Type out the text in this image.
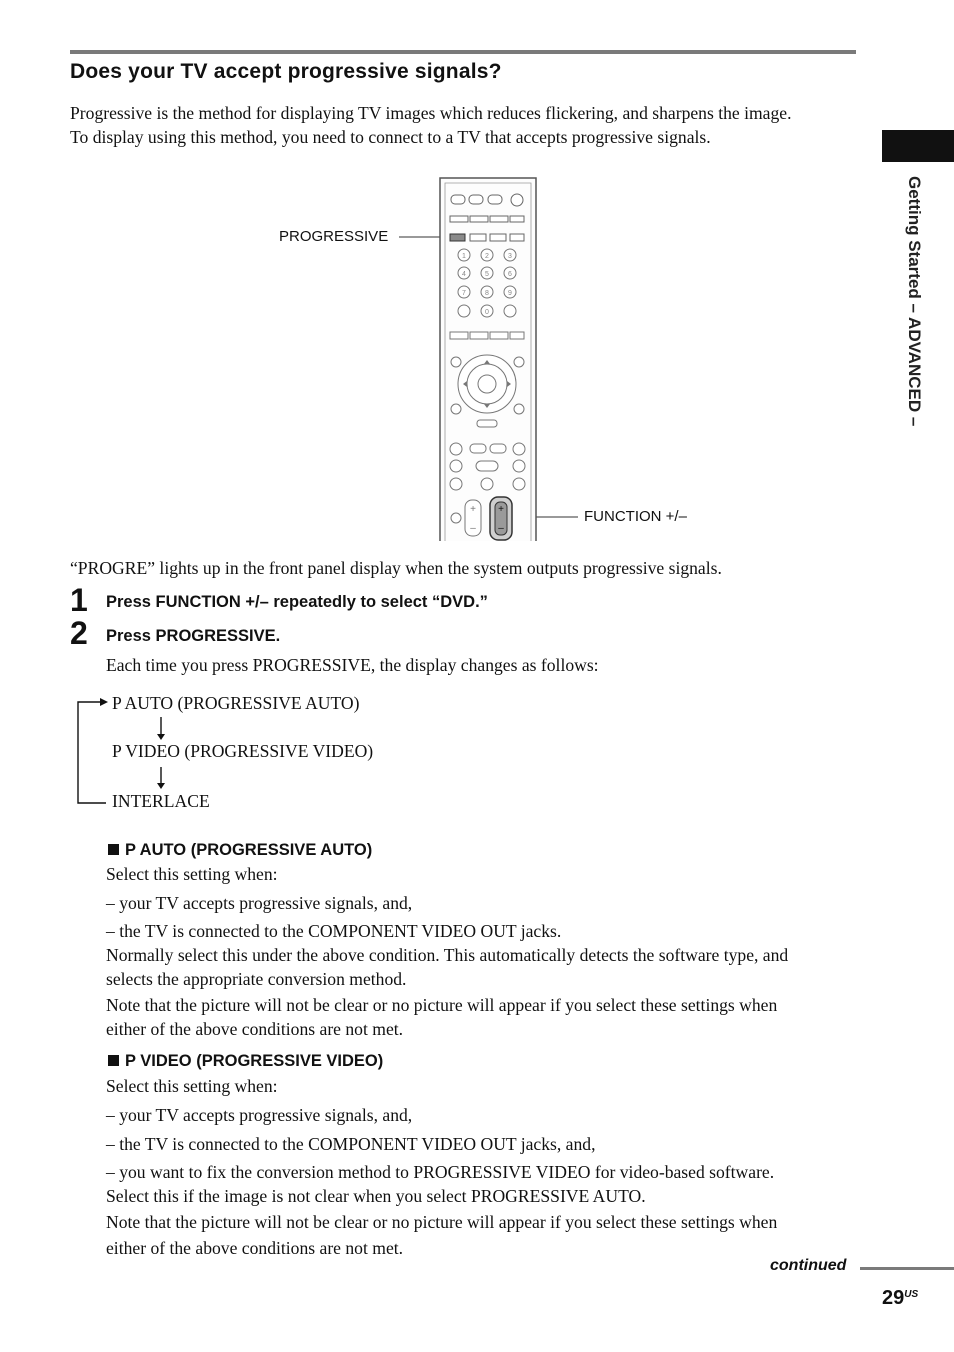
Does your TV accept progressive signals?
Progressive is the method for displaying TV images which reduces flickering, and sharpens the image.
To display using this method, you need to connect to a TV that accepts progressive signals.
Getting Started – ADVANCED –
PROGRESSIVE
FUNCTION +/–
1	2	3
4	5	6
7	8	9
0
+
–
+
–
“PROGRE” lights up in the front panel display when the system outputs progressive signals.
1 Press FUNCTION +/– repeatedly to select “DVD.”
2 Press PROGRESSIVE.
Each time you press PROGRESSIVE, the display changes as follows:
P AUTO (PROGRESSIVE AUTO)
P VIDEO (PROGRESSIVE VIDEO)
INTERLACE
P AUTO (PROGRESSIVE AUTO)
Select this setting when:
– your TV accepts progressive signals, and,
– the TV is connected to the COMPONENT VIDEO OUT jacks.
Normally select this under the above condition. This automatically detects the software type, and
selects the appropriate conversion method.
Note that the picture will not be clear or no picture will appear if you select these settings when
either of the above conditions are not met.
P VIDEO (PROGRESSIVE VIDEO)
Select this setting when:
– your TV accepts progressive signals, and,
– the TV is connected to the COMPONENT VIDEO OUT jacks, and,
– you want to fix the conversion method to PROGRESSIVE VIDEO for video-based software.
Select this if the image is not clear when you select PROGRESSIVE AUTO.
Note that the picture will not be clear or no picture will appear if you select these settings when
either of the above conditions are not met.
continued
$29^{US}$
